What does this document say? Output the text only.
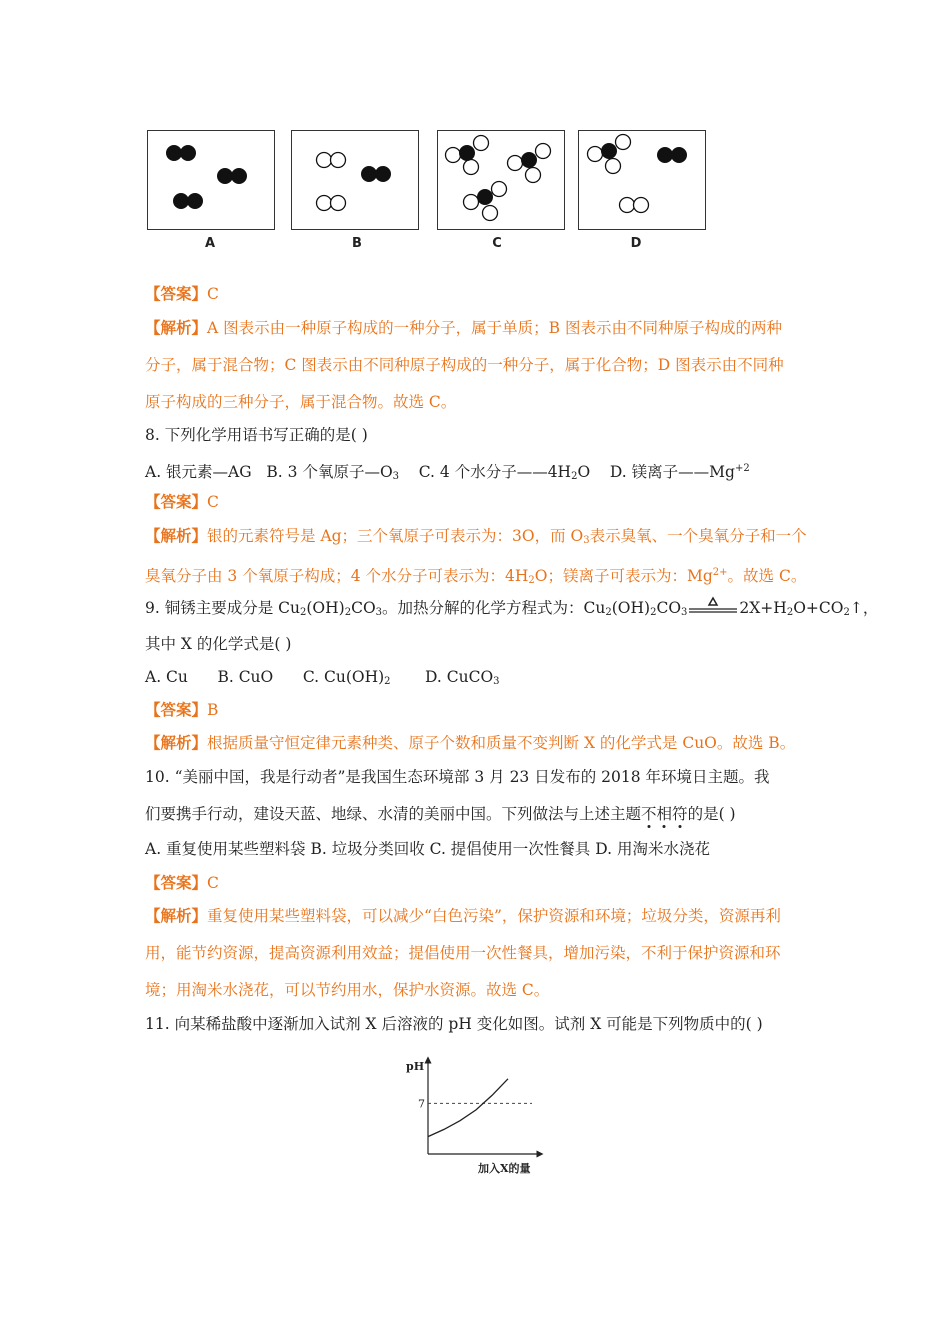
A	B	C	D
【答案】C
【解析】A 图表示由一种原子构成的一种分子，属于单质；B 图表示由不同种原子构成的两种
分子，属于混合物；C 图表示由不同种原子构成的一种分子，属于化合物；D 图表示由不同种
原子构成的三种分子，属于混合物。故选 C。
8. 下列化学用语书写正确的是( )
A. 银元素—AG B. 3 个氧原子$—O_3$ C. 4 个水分子$——4H_2O$ D. 镁离子$——Mg^{+2}$
【答案】C
【解析】银的元素符号是 Ag；三个氧原子可表示为：3O，而 $O_3$表示臭氧、一个臭氧分子和一个
臭氧分子由 3 个氧原子构成；4 个水分子可表示为：$4H_2O$；镁离子可表示为：$Mg^{2+}$。故选 C。
9. 铜锈主要成分是 $Cu_2(OH)_2CO_3$。加热分解的化学方程式为：$Cu_2(OH)_2CO_3$	$2X+H_2O+CO_2↑$，
其中 X 的化学式是( )
A. Cu B. CuO C. $Cu(OH)_2$ D. CuCO$_3$
【答案】B
【解析】根据质量守恒定律元素种类、原子个数和质量不变判断 X 的化学式是 CuO。故选 B。
10. “美丽中国，我是行动者”是我国生态环境部 3 月 23 日发布的 2018 年环境日主题。我
们要携手行动，建设天蓝、地绿、水清的美丽中国。下列做法与上述主题不相符的是( )
A. 重复使用某些塑料袋 B. 垃圾分类回收 C. 提倡使用一次性餐具 D. 用淘米水浇花
【答案】C
【解析】重复使用某些塑料袋，可以减少“白色污染”，保护资源和环境；垃圾分类，资源再利
用，能节约资源，提高资源利用效益；提倡使用一次性餐具，增加污染，不利于保护资源和环
境；用淘米水浇花，可以节约用水，保护水资源。故选 C。
11. 向某稀盐酸中逐渐加入试剂 X 后溶液的 pH 变化如图。试剂 X 可能是下列物质中的( )
pH
加入X的量
7
